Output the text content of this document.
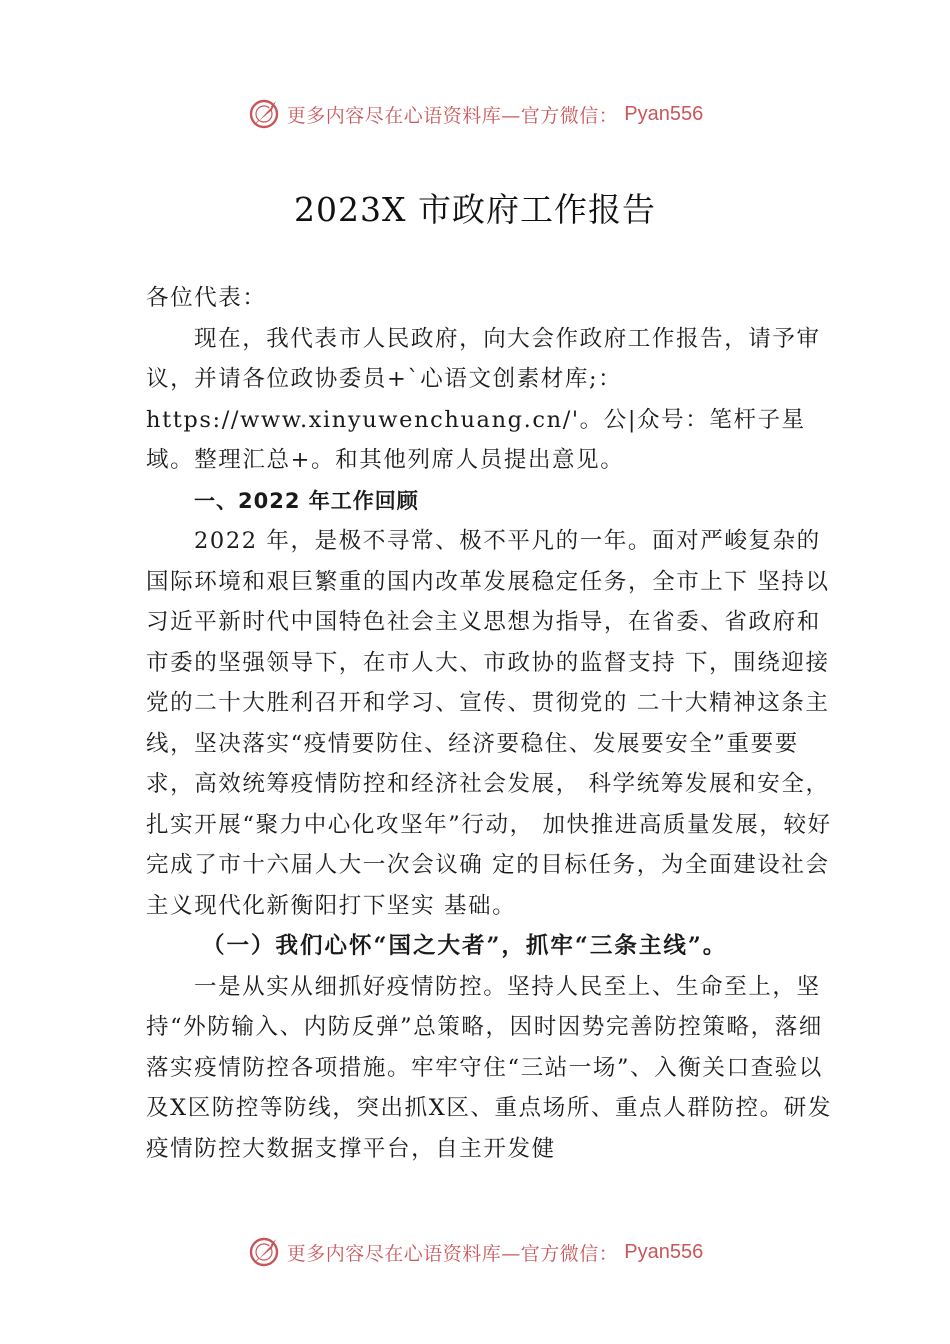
更多内容尽在心语资料库—官方微信： Pyan556
2023X 市政府工作报告

各位代表：

现在，我代表市人民政府，向大会作政府工作报告，请予审议，并请各位政协委员+`心语文创素材库;：https://www.xinyuwenchuang.cn/'。公|众号：笔杆子星域。整理汇总+。和其他列席人员提出意见。

一、2022 年工作回顾

2022 年，是极不寻常、极不平凡的一年。面对严峻复杂的国际环境和艰巨繁重的国内改革发展稳定任务，全市上下 坚持以习近平新时代中国特色社会主义思想为指导，在省委、省政府和市委的坚强领导下，在市人大、市政协的监督支持 下，围绕迎接党的二十大胜利召开和学习、宣传、贯彻党的 二十大精神这条主线，坚决落实“疫情要防住、经济要稳住、发展要安全”重要要求，高效统筹疫情防控和经济社会发展， 科学统筹发展和安全，扎实开展“聚力中心化攻坚年”行动， 加快推进高质量发展，较好完成了市十六届人大一次会议确 定的目标任务，为全面建设社会主义现代化新衡阳打下坚实 基础。

（一）我们心怀“国之大者”，抓牢“三条主线”。

一是从实从细抓好疫情防控。坚持人民至上、生命至上，坚持“外防输入、内防反弹”总策略，因时因势完善防控策略，落细落实疫情防控各项措施。牢牢守住“三站一场”、入衡关口查验以及X区防控等防线，突出抓X区、重点场所、重点人群防控。研发疫情防控大数据支撑平台，自主开发健

更多内容尽在心语资料库—官方微信： Pyan556
